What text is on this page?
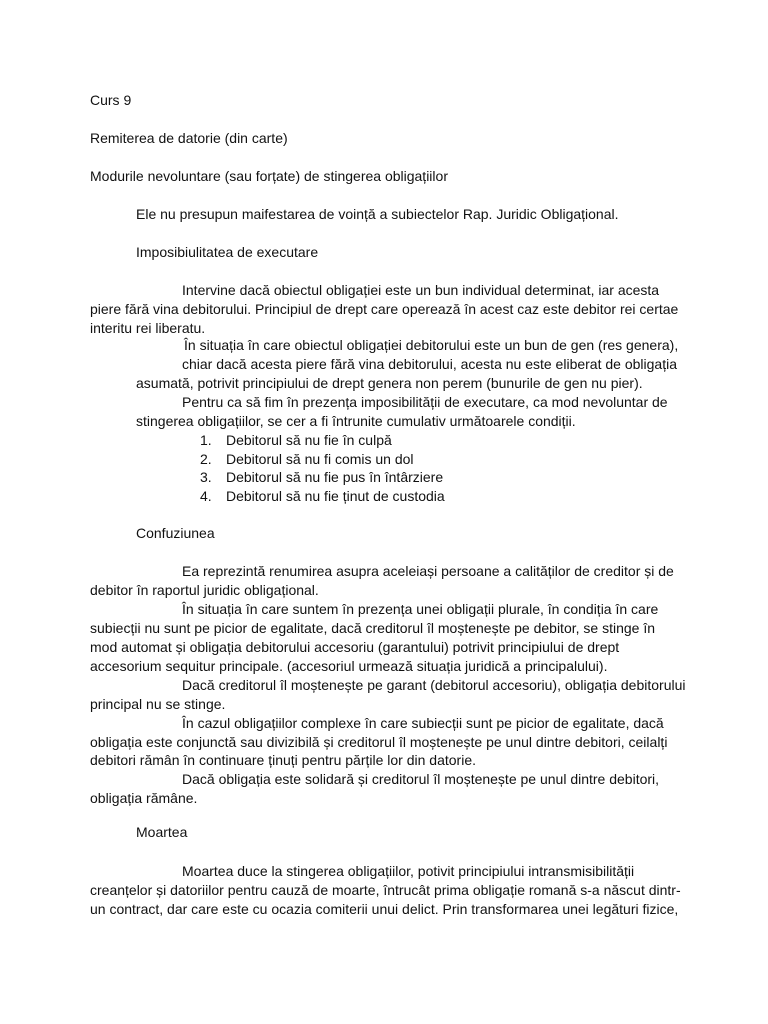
Curs 9

Remiterea de datorie (din carte)

Modurile nevoluntare (sau forțate) de stingerea obligațiilor

Ele nu presupun maifestarea de voință a subiectelor Rap. Juridic Obligațional.

Imposibiulitatea de executare

Intervine dacă obiectul obligației este un bun individual determinat, iar acesta

piere fără vina debitorului. Principiul de drept care operează în acest caz este debitor rei certae

interitu rei liberatu.

În situația în care obiectul obligației debitorului este un bun de gen (res genera),

chiar dacă acesta piere fără vina debitorului, acesta nu este eliberat de obligația

asumată, potrivit principiului de drept genera non perem (bunurile de gen nu pier).

Pentru ca să fim în prezența imposibilității de executare, ca mod nevoluntar de

stingerea obligațiilor, se cer a fi întrunite cumulativ următoarele condiții.

1. Debitorul să nu fie în culpă
2. Debitorul să nu fi comis un dol
3. Debitorul să nu fie pus în întârziere
4. Debitorul să nu fie ținut de custodia

Confuziunea

Ea reprezintă renumirea asupra aceleiași persoane a calităților de creditor și de

debitor în raportul juridic obligațional.

În situația în care suntem în prezența unei obligații plurale, în condiția în care

subiecții nu sunt pe picior de egalitate, dacă creditorul îl moștenește pe debitor, se stinge în

mod automat și obligația debitorului accesoriu (garantului) potrivit principiului de drept

accesorium sequitur principale. (accesoriul urmează situația juridică a principalului).

Dacă creditorul îl moștenește pe garant (debitorul accesoriu), obligația debitorului

principal nu se stinge.

În cazul obligațiilor complexe în care subiecții sunt pe picior de egalitate, dacă

obligația este conjunctă sau divizibilă și creditorul îl moștenește pe unul dintre debitori, ceilalți

debitori rămân în continuare ținuți pentru părțile lor din datorie.

Dacă obligația este solidară și creditorul îl moștenește pe unul dintre debitori,

obligația rămâne.

Moartea

Moartea duce la stingerea obligațiilor, potivit principiului intransmisibilității

creanțelor și datoriilor pentru cauză de moarte, întrucât prima obligație romană s-a născut dintr-

un contract, dar care este cu ocazia comiterii unui delict. Prin transformarea unei legături fizice,
